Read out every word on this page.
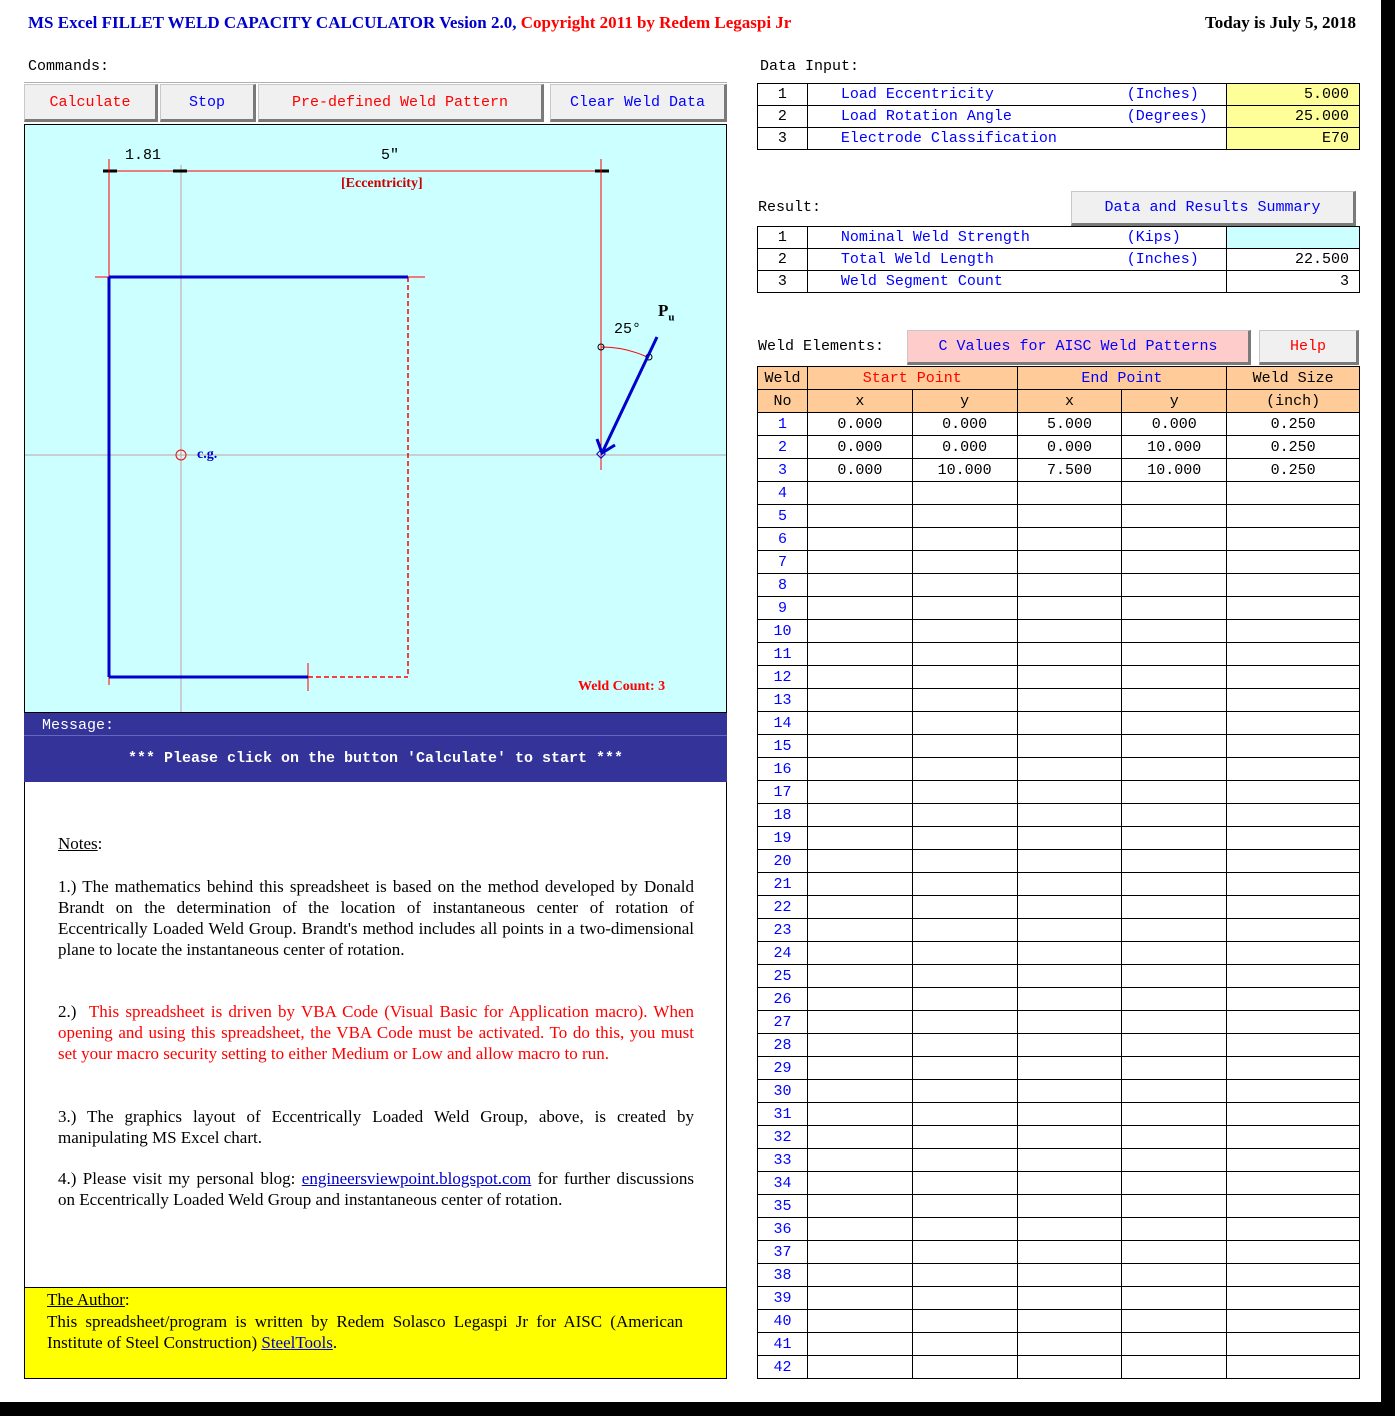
MS Excel FILLET WELD CAPACITY CALCULATOR Vesion 2.0, Copyright 2011 by Redem Legaspi Jr	Today is July 5, 2018
Commands:
Calculate	Stop	Pre-defined Weld Pattern	Clear Weld Data
1.81	5"
[Eccentricity]
25°
$P_u$
c.g.
Weld Count: 3
Message:
*** Please click on the button 'Calculate' to start ***
Notes:

1.) The mathematics behind this spreadsheet is based on the method developed by Donald Brandt on the determination of the location of instantaneous center of rotation of Eccentrically Loaded Weld Group. Brandt's method includes all points in a two-dimensional plane to locate the instantaneous center of rotation.

2.)  This spreadsheet is driven by VBA Code (Visual Basic for Application macro). When opening and using this spreadsheet, the VBA Code must be activated. To do this, you must set your macro security setting to either Medium or Low and allow macro to run.

3.) The graphics layout of Eccentrically Loaded Weld Group, above, is created by manipulating MS Excel chart.

4.) Please visit my personal blog: engineersviewpoint.blogspot.com for further discussions on Eccentrically Loaded Weld Group and instantaneous center of rotation.

The Author:

This spreadsheet/program is written by Redem Solasco Legaspi Jr for AISC (American Institute of Steel Construction) SteelTools.

Data Input:
1	Load Eccentricity	(Inches)	5.000
2	Load Rotation Angle	(Degrees)	25.000
3	Electrode Classification		E70
Result:	Data and Results Summary
1	Nominal Weld Strength	(Kips)	
2	Total Weld Length	(Inches)	22.500
3	Weld Segment Count		3
Weld Elements:	C Values for AISC Weld Patterns	Help
Weld	Start Point		End Point		Weld Size
No	x	y	x	y	(inch)
1	0.000	0.000	5.000	0.000	0.250
2	0.000	0.000	0.000	10.000	0.250
3	0.000	10.000	7.500	10.000	0.250
4					
5					
6					
7					
8					
9					
10					
11					
12					
13					
14					
15					
16					
17					
18					
19					
20					
21					
22					
23					
24					
25					
26					
27					
28					
29					
30					
31					
32					
33					
34					
35					
36					
37					
38					
39					
40					
41					
42					
